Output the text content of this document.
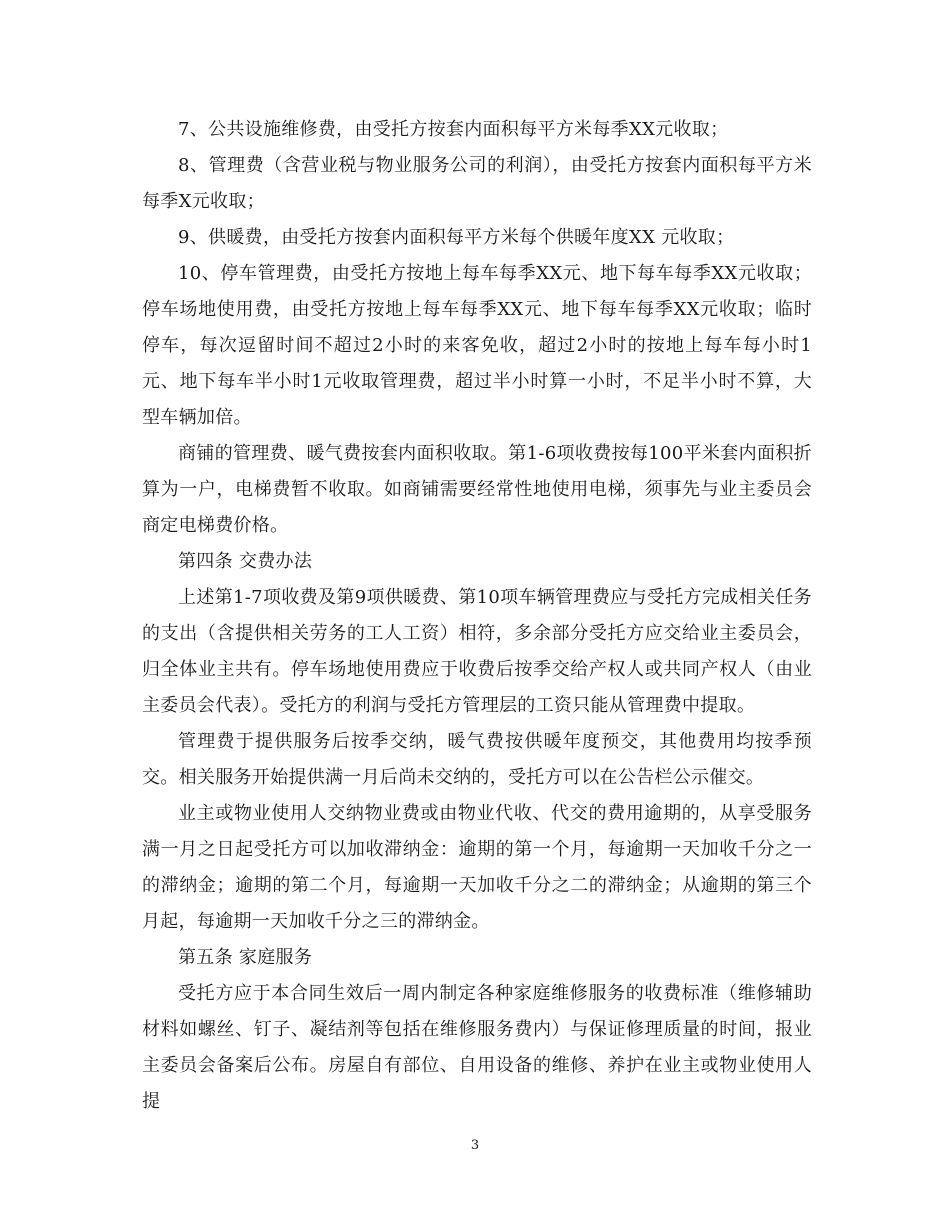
7、公共设施维修费，由受托方按套内面积每平方米每季XX元收取；

8、管理费（含营业税与物业服务公司的利润），由受托方按套内面积每平方米每季X元收取；

9、供暖费，由受托方按套内面积每平方米每个供暖年度XX 元收取；

10、停车管理费，由受托方按地上每车每季XX元、地下每车每季XX元收取；停车场地使用费，由受托方按地上每车每季XX元、地下每车每季XX元收取；临时停车，每次逗留时间不超过2小时的来客免收，超过2小时的按地上每车每小时1 元、地下每车半小时1元收取管理费，超过半小时算一小时，不足半小时不算，大型车辆加倍。

商铺的管理费、暖气费按套内面积收取。第1-6项收费按每100平米套内面积折算为一户，电梯费暂不收取。如商铺需要经常性地使用电梯，须事先与业主委员会商定电梯费价格。

第四条 交费办法

上述第1-7项收费及第9项供暖费、第10项车辆管理费应与受托方完成相关任务的支出（含提供相关劳务的工人工资）相符，多余部分受托方应交给业主委员会，归全体业主共有。停车场地使用费应于收费后按季交给产权人或共同产权人（由业主委员会代表）。受托方的利润与受托方管理层的工资只能从管理费中提取。

管理费于提供服务后按季交纳，暖气费按供暖年度预交，其他费用均按季预交。相关服务开始提供满一月后尚未交纳的，受托方可以在公告栏公示催交。

业主或物业使用人交纳物业费或由物业代收、代交的费用逾期的，从享受服务满一月之日起受托方可以加收滞纳金：逾期的第一个月，每逾期一天加收千分之一的滞纳金；逾期的第二个月，每逾期一天加收千分之二的滞纳金；从逾期的第三个月起，每逾期一天加收千分之三的滞纳金。

第五条 家庭服务

受托方应于本合同生效后一周内制定各种家庭维修服务的收费标准（维修辅助材料如螺丝、钉子、凝结剂等包括在维修服务费内）与保证修理质量的时间，报业主委员会备案后公布。房屋自有部位、自用设备的维修、养护在业主或物业使用人提

3
